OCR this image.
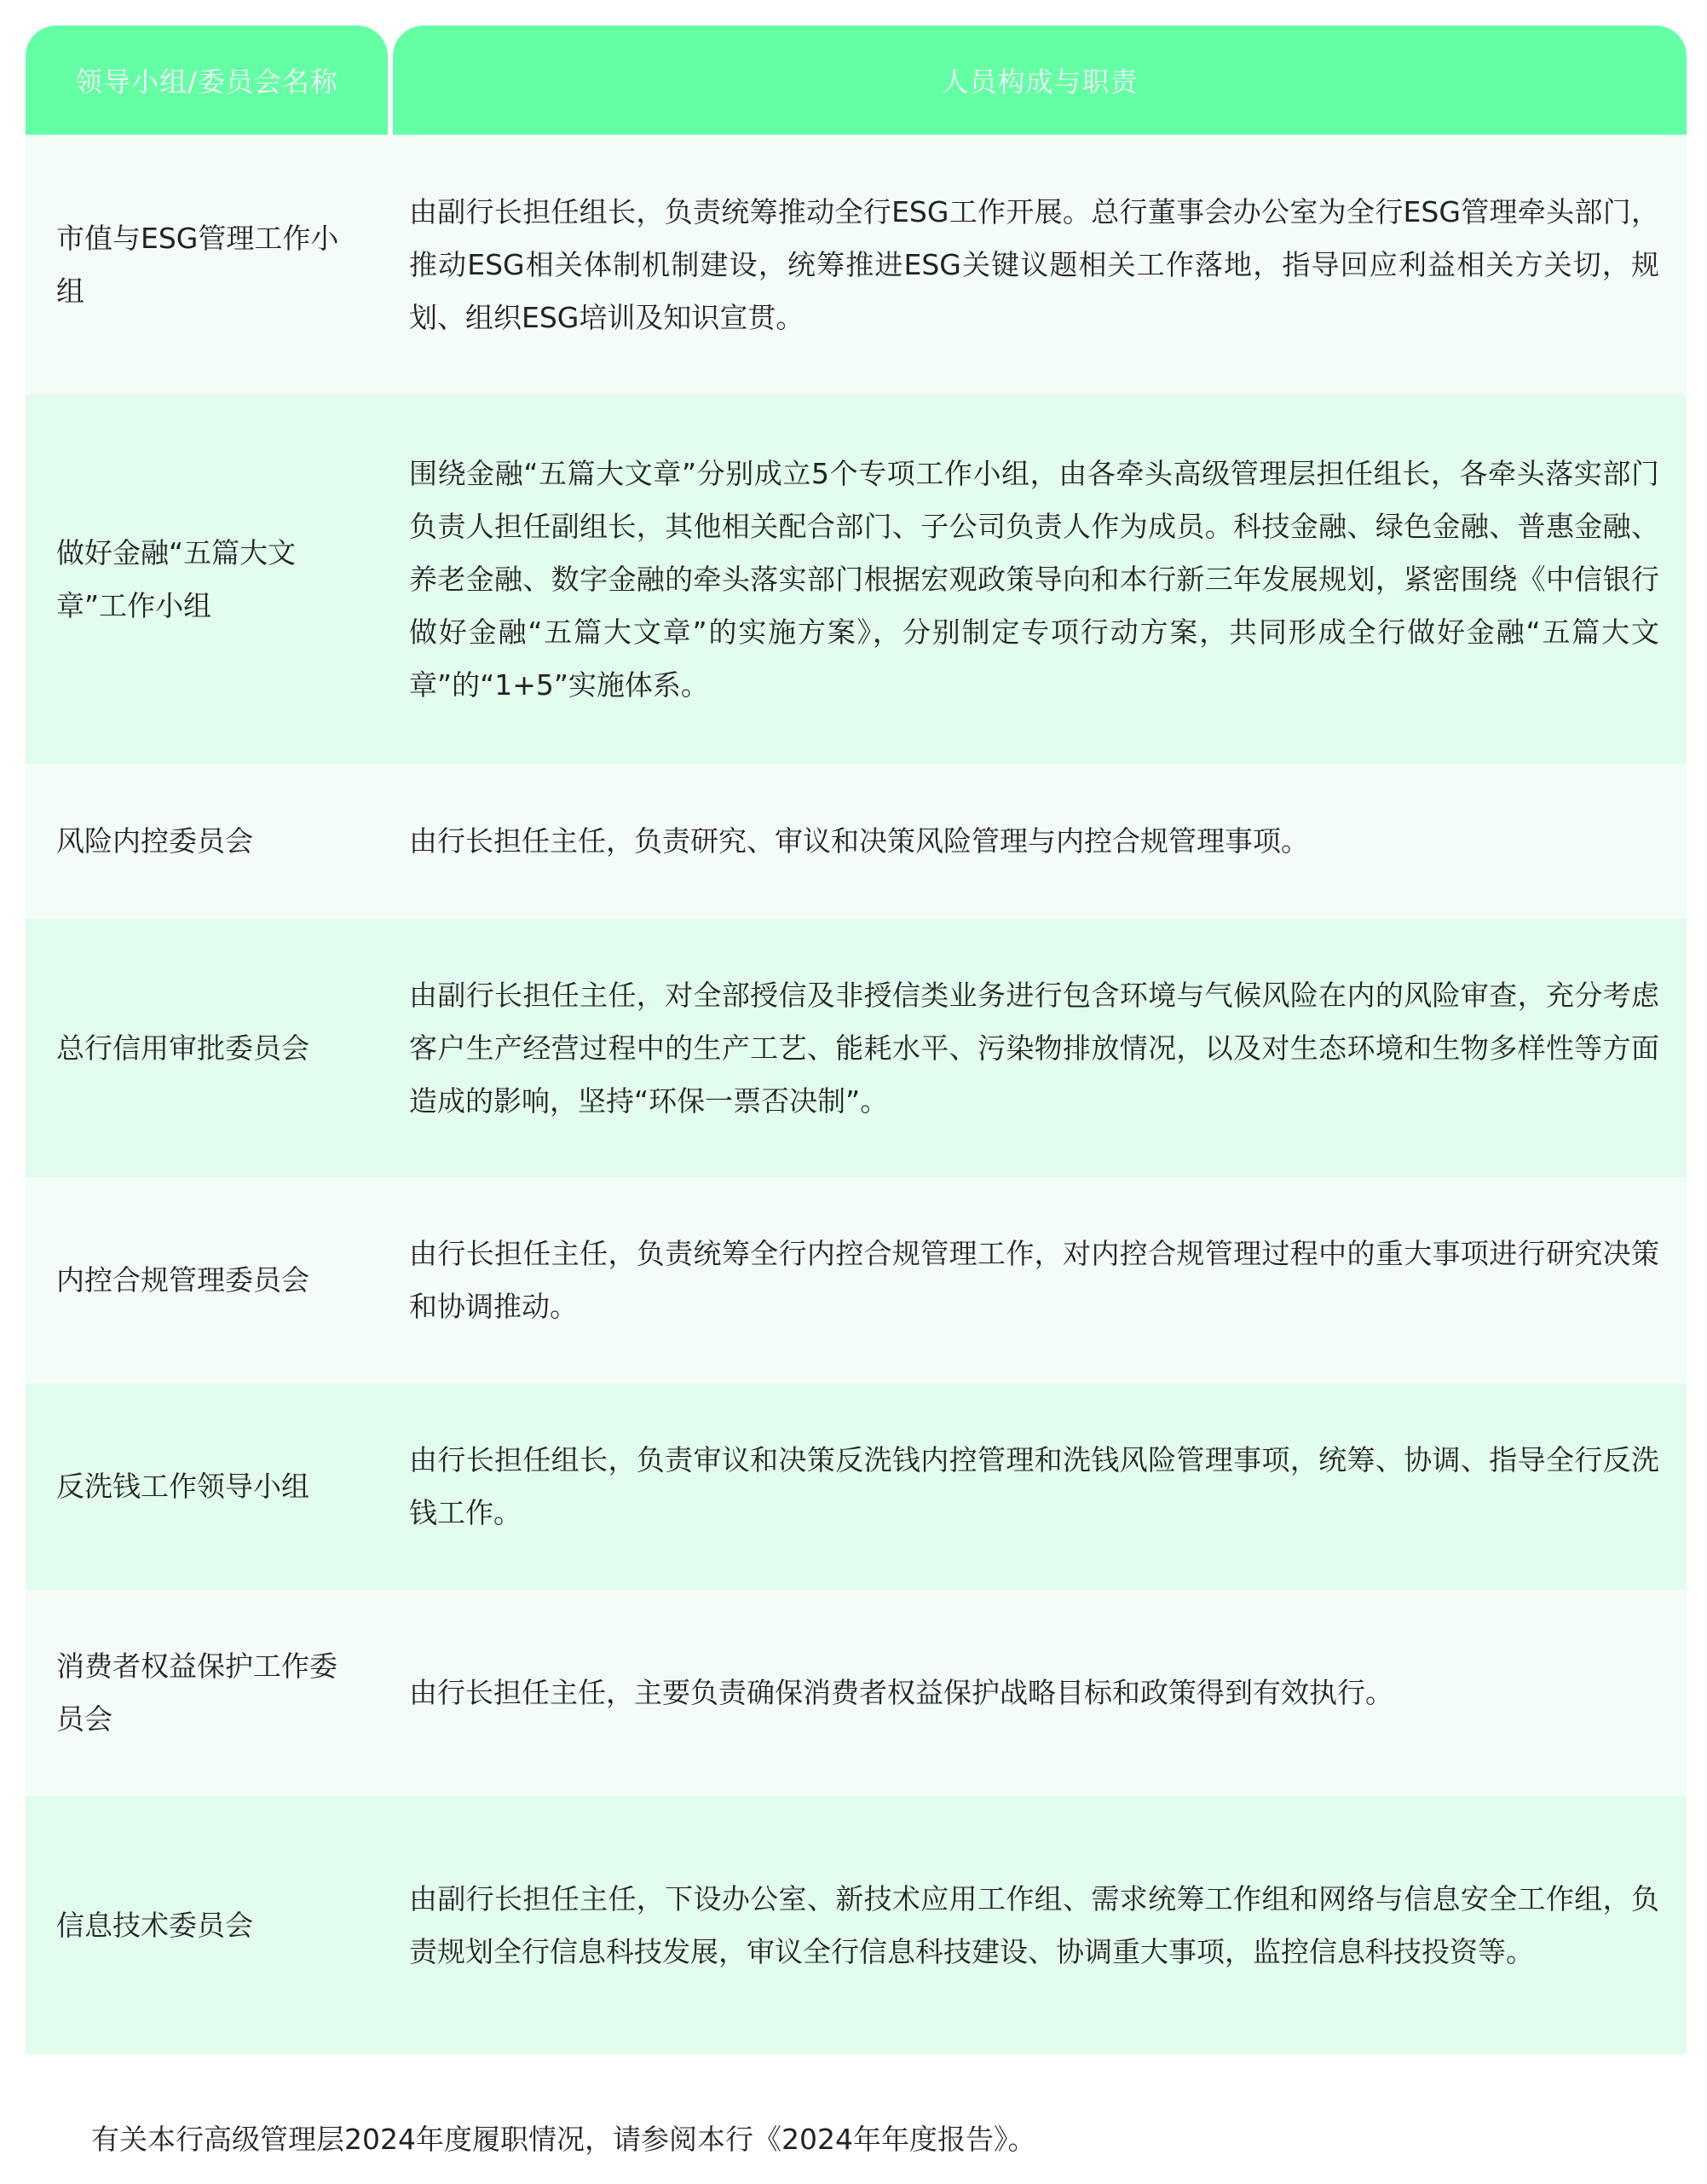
领导小组/委员会名称	人员构成与职责
市值与ESG管理工作小组
由副行长担任组长，负责统筹推动全行ESG工作开展。总行董事会办公室为全行ESG管理牵头部门，推动ESG相关体制机制建设，统筹推进ESG关键议题相关工作落地，指导回应利益相关方关切，规划、组织ESG培训及知识宣贯。
做好金融“五篇大文章”工作小组
围绕金融“五篇大文章”分别成立5个专项工作小组，由各牵头高级管理层担任组长，各牵头落实部门负责人担任副组长，其他相关配合部门、子公司负责人作为成员。科技金融、绿色金融、普惠金融、养老金融、数字金融的牵头落实部门根据宏观政策导向和本行新三年发展规划，紧密围绕《中信银行做好金融“五篇大文章”的实施方案》，分别制定专项行动方案，共同形成全行做好金融“五篇大文章”的“1+5”实施体系。
风险内控委员会	由行长担任主任，负责研究、审议和决策风险管理与内控合规管理事项。
总行信用审批委员会
由副行长担任主任，对全部授信及非授信类业务进行包含环境与气候风险在内的风险审查，充分考虑客户生产经营过程中的生产工艺、能耗水平、污染物排放情况，以及对生态环境和生物多样性等方面造成的影响，坚持“环保一票否决制”。
内控合规管理委员会
由行长担任主任，负责统筹全行内控合规管理工作，对内控合规管理过程中的重大事项进行研究决策和协调推动。
反洗钱工作领导小组
由行长担任组长，负责审议和决策反洗钱内控管理和洗钱风险管理事项，统筹、协调、指导全行反洗钱工作。
消费者权益保护工作委员会
由行长担任主任，主要负责确保消费者权益保护战略目标和政策得到有效执行。
信息技术委员会
由副行长担任主任，下设办公室、新技术应用工作组、需求统筹工作组和网络与信息安全工作组，负责规划全行信息科技发展，审议全行信息科技建设、协调重大事项，监控信息科技投资等。
有关本行高级管理层2024年度履职情况，请参阅本行《2024年年度报告》。
